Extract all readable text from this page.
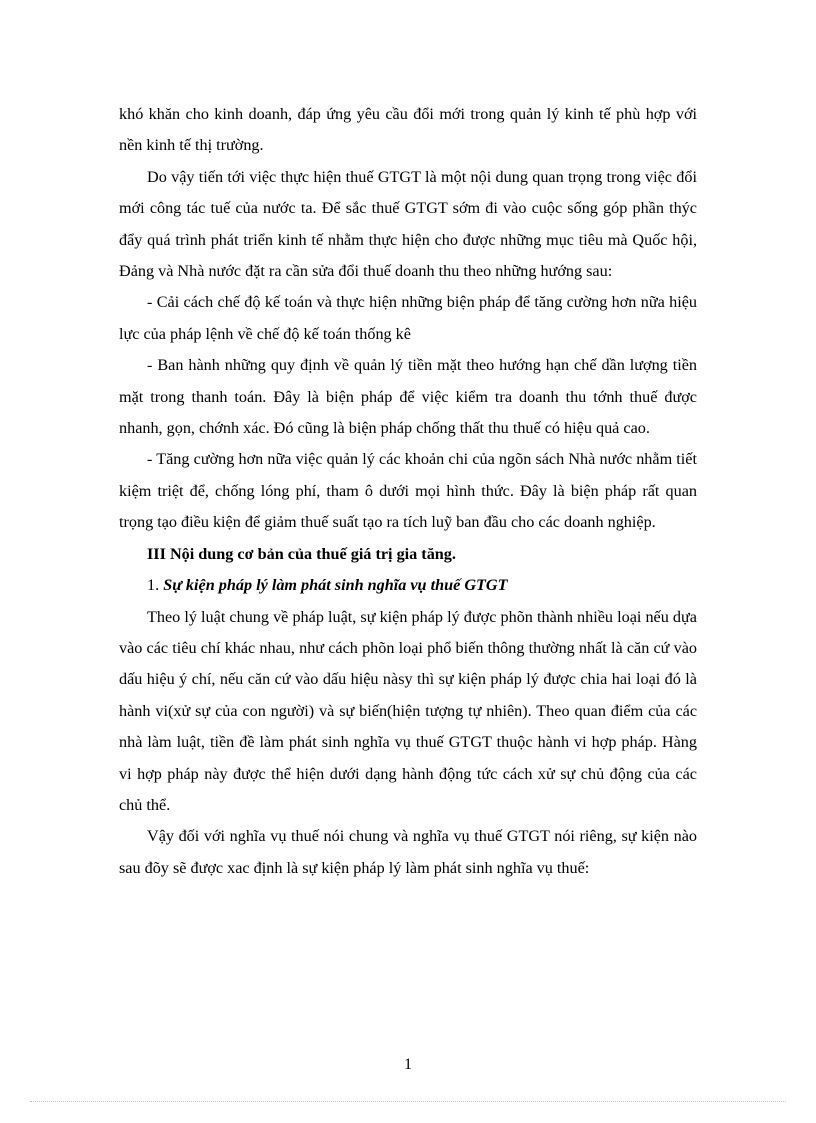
khó khăn cho kinh doanh, đáp ứng yêu cầu đổi mới trong quản lý kinh tế phù hợp với nền kinh tế thị trường.

Do vậy tiến tới việc thực hiện thuế GTGT là một nội dung quan trọng trong việc đổi mới công tác tuế của nước ta. Để sắc thuế GTGT sớm đi vào cuộc sống góp phần thýc đẩy quá trình phát triển kinh tế nhằm thực hiện cho được những mục tiêu mà Quốc hội, Đảng và Nhà nước đặt ra cần sửa đổi thuế doanh thu theo những hướng sau:

- Cải cách chế độ kế toán và thực hiện những biện pháp để tăng cường hơn nữa hiệu lực của pháp lệnh về chế độ kế toán thống kê

- Ban hành những quy định về quản lý tiền mặt theo hướng hạn chế dần lượng tiền mặt trong thanh toán. Đây là biện pháp để việc kiểm tra doanh thu tớnh thuế được nhanh, gọn, chớnh xác. Đó cũng là biện pháp chống thất thu thuế có hiệu quả cao.

- Tăng cường hơn nữa việc quản lý các khoản chi của ngõn sách Nhà nước nhằm tiết kiệm triệt để, chống lóng phí, tham ô dưới mọi hình thức. Đây là biện pháp rất quan trọng tạo điều kiện để giảm thuế suất tạo ra tích luỹ ban đầu cho các doanh nghiệp.

III Nội dung cơ bản của thuế giá trị gia tăng.

1. Sự kiện pháp lý làm phát sinh nghĩa vụ thuế GTGT

Theo lý luật chung về pháp luật, sự kiện pháp lý được phõn thành nhiều loại nếu dựa vào các tiêu chí khác nhau, như cách phõn loại phổ biến thông thường nhất là căn cứ vào dấu hiệu ý chí, nếu căn cứ vào dấu hiệu nàsy thì sự kiện pháp lý được chia hai loại đó là hành vi(xử sự của con người) và sự biến(hiện tượng tự nhiên). Theo quan điểm của các nhà làm luật, tiền đề làm phát sinh nghĩa vụ thuế GTGT thuộc hành vi hợp pháp. Hàng vi hợp pháp này được thể hiện dưới dạng hành động tức cách xử sự chủ động của các chủ thể.

Vậy đối với nghĩa vụ thuế nói chung và nghĩa vụ thuế GTGT nói riêng, sự kiện nào sau đõy sẽ được xac định là sự kiện pháp lý làm phát sinh nghĩa vụ thuế:

1
